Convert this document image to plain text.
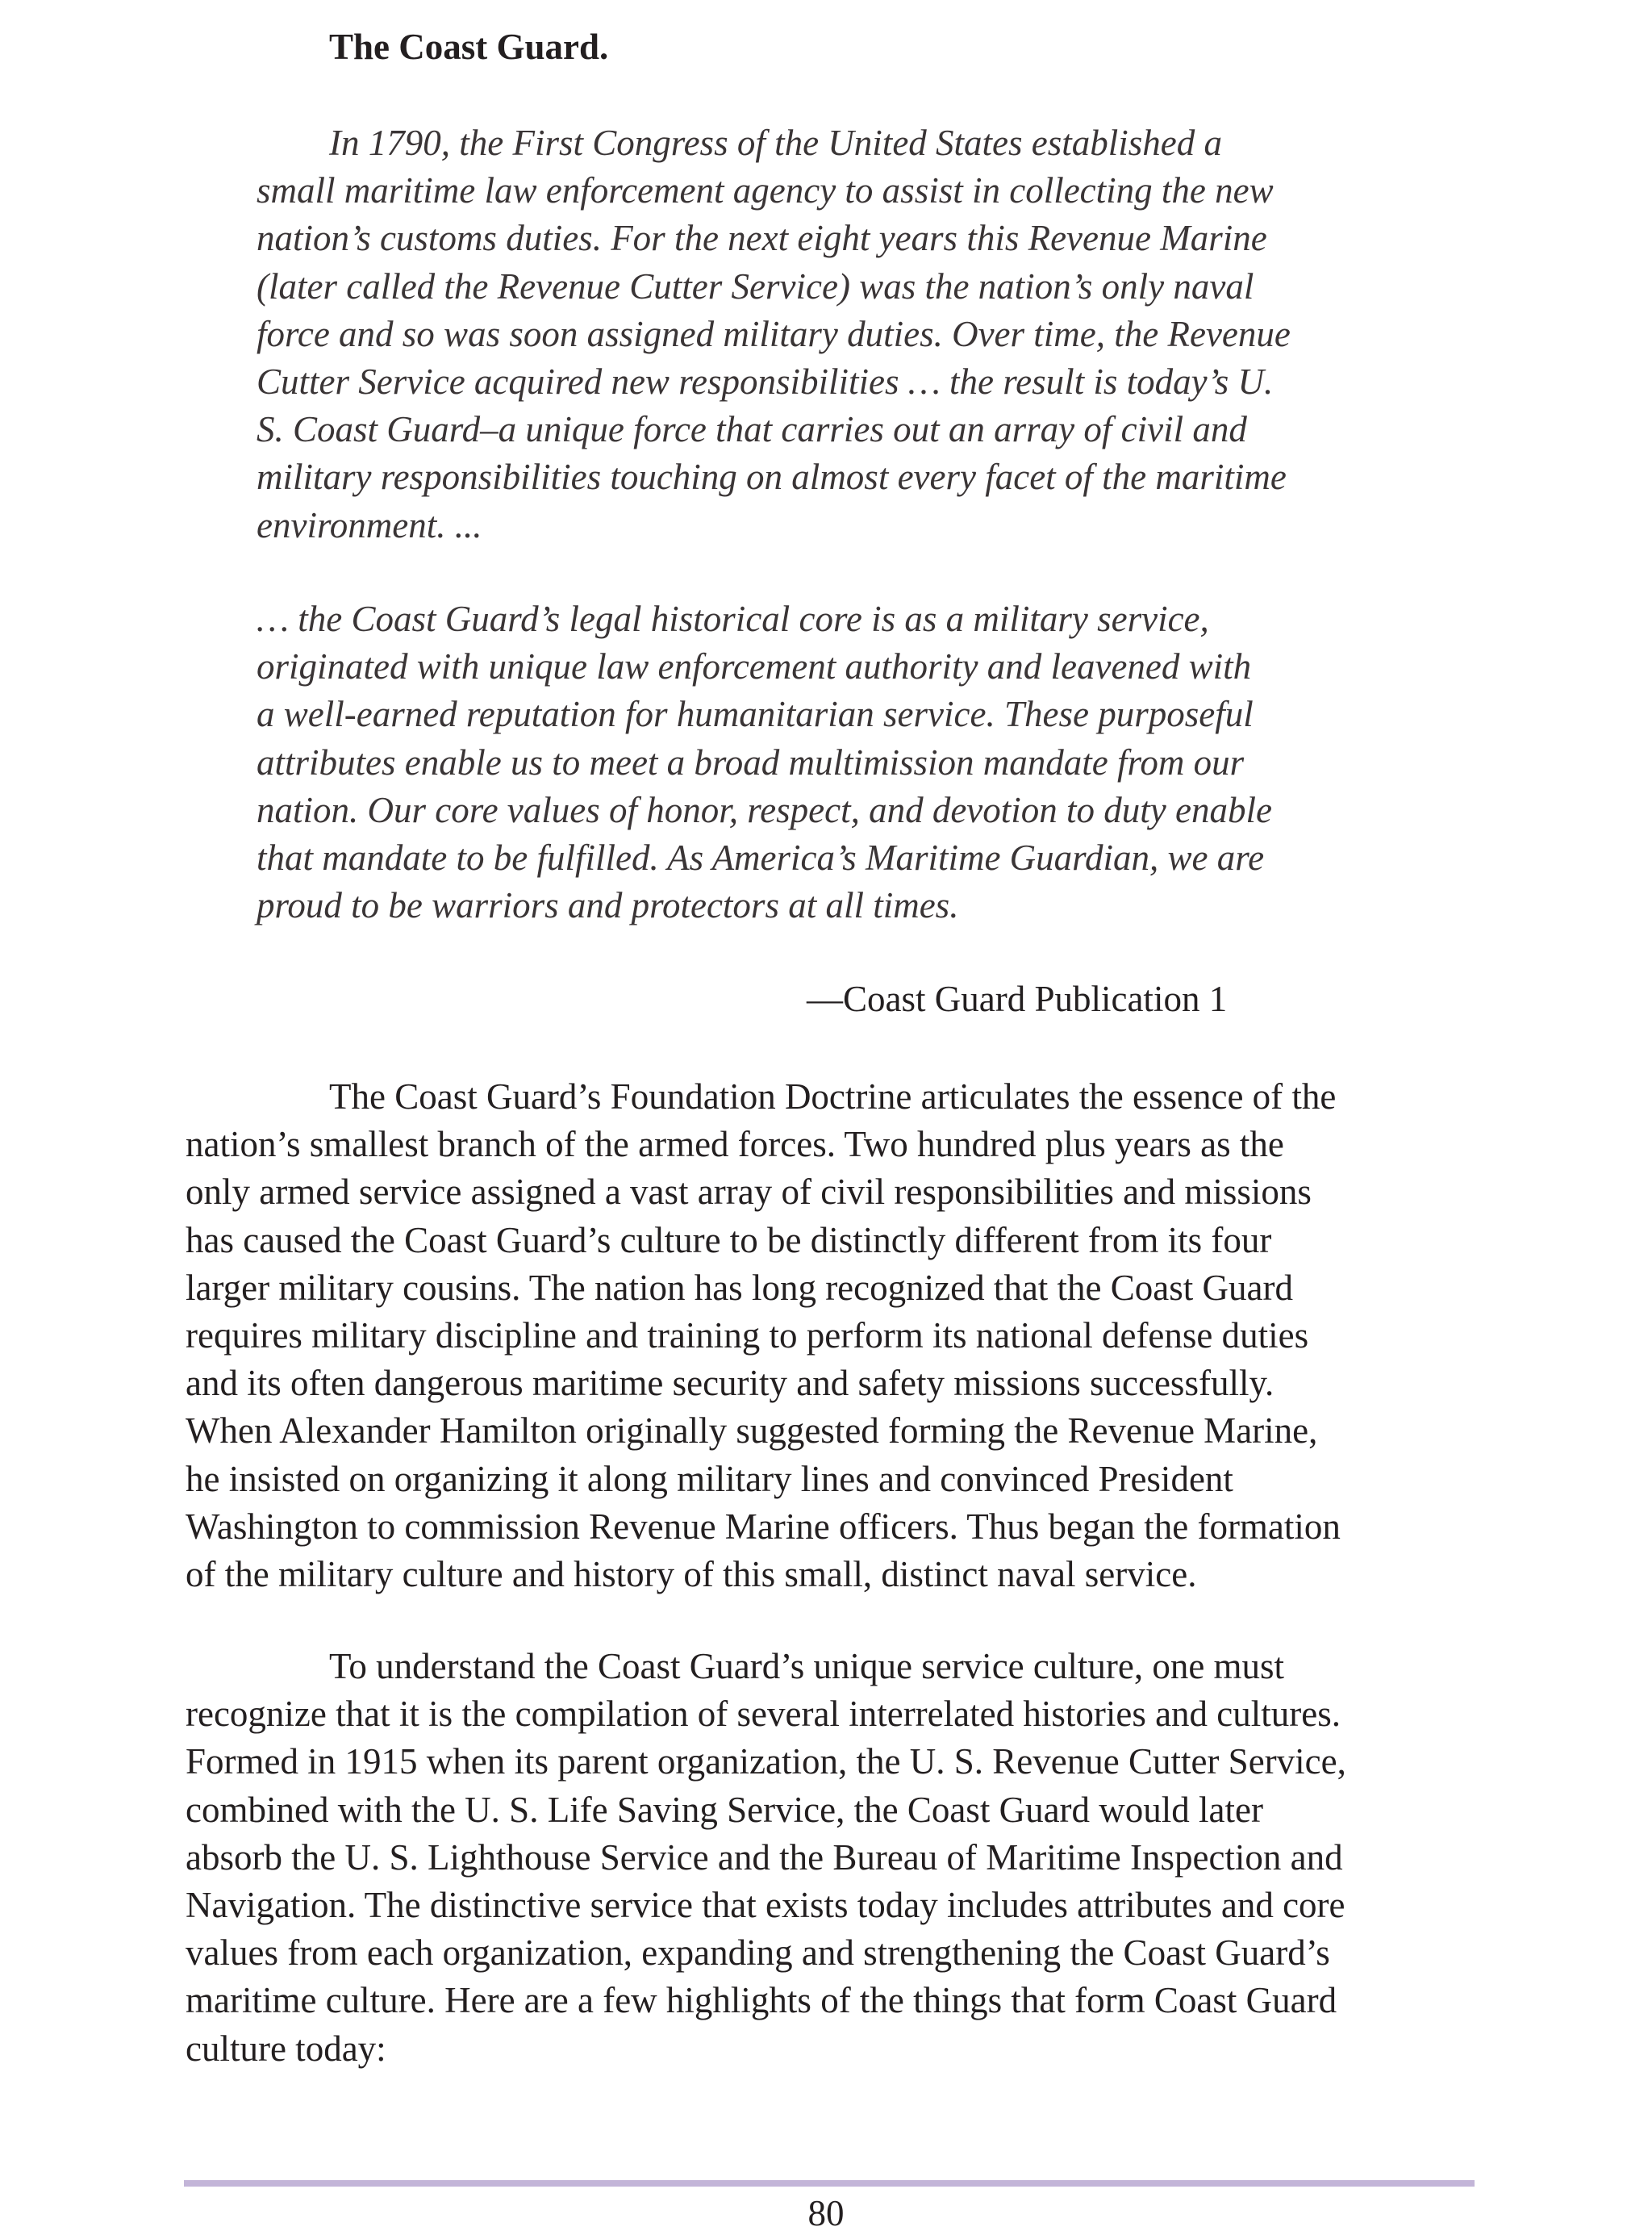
The Coast Guard.
In 1790, the First Congress of the United States established a
small maritime law enforcement agency to assist in collecting the new
nation’s customs duties. For the next eight years this Revenue Marine
(later called the Revenue Cutter Service) was the nation’s only naval
force and so was soon assigned military duties. Over time, the Revenue
Cutter Service acquired new responsibilities … the result is today’s U.
S. Coast Guard–a unique force that carries out an array of civil and
military responsibilities touching on almost every facet of the maritime
environment. ...
… the Coast Guard’s legal historical core is as a military service,
originated with unique law enforcement authority and leavened with
a well-earned reputation for humanitarian service. These purposeful
attributes enable us to meet a broad multimission mandate from our
nation. Our core values of honor, respect, and devotion to duty enable
that mandate to be fulfilled. As America’s Maritime Guardian, we are
proud to be warriors and protectors at all times.
—Coast Guard Publication 1
The Coast Guard’s Foundation Doctrine articulates the essence of the
nation’s smallest branch of the armed forces. Two hundred plus years as the
only armed service assigned a vast array of civil responsibilities and missions
has caused the Coast Guard’s culture to be distinctly different from its four
larger military cousins. The nation has long recognized that the Coast Guard
requires military discipline and training to perform its national defense duties
and its often dangerous maritime security and safety missions successfully.
When Alexander Hamilton originally suggested forming the Revenue Marine,
he insisted on organizing it along military lines and convinced President
Washington to commission Revenue Marine officers. Thus began the formation
of the military culture and history of this small, distinct naval service.
To understand the Coast Guard’s unique service culture, one must
recognize that it is the compilation of several interrelated histories and cultures.
Formed in 1915 when its parent organization, the U. S. Revenue Cutter Service,
combined with the U. S. Life Saving Service, the Coast Guard would later
absorb the U. S. Lighthouse Service and the Bureau of Maritime Inspection and
Navigation. The distinctive service that exists today includes attributes and core
values from each organization, expanding and strengthening the Coast Guard’s
maritime culture. Here are a few highlights of the things that form Coast Guard
culture today:
80
